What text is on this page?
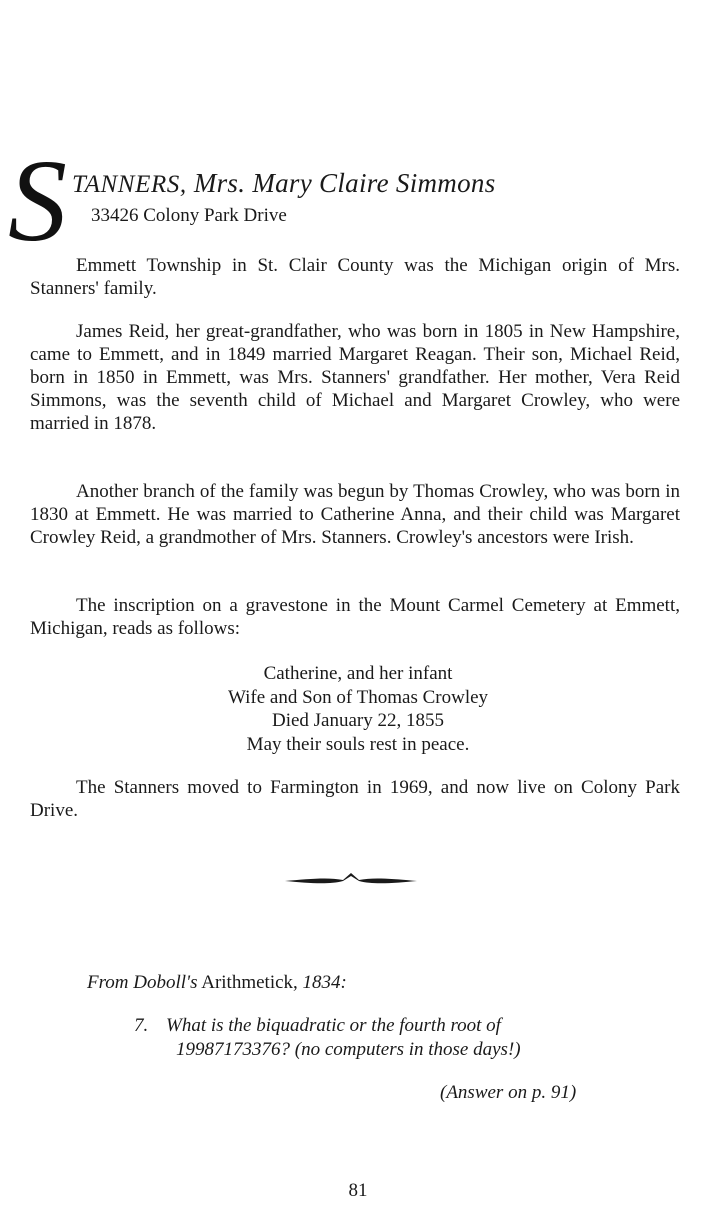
S TANNERS, Mrs. Mary Claire Simmons
33426 Colony Park Drive

Emmett Township in St. Clair County was the Michigan origin of Mrs. Stanners' family.

James Reid, her great-grandfather, who was born in 1805 in New Hampshire, came to Emmett, and in 1849 married Margaret Reagan. Their son, Michael Reid, born in 1850 in Emmett, was Mrs. Stanners' grandfather. Her mother, Vera Reid Simmons, was the seventh child of Michael and Margaret Crowley, who were married in 1878.

Another branch of the family was begun by Thomas Crowley, who was born in 1830 at Emmett. He was married to Catherine Anna, and their child was Margaret Crowley Reid, a grandmother of Mrs. Stanners. Crowley's ancestors were Irish.

The inscription on a gravestone in the Mount Carmel Cemetery at Emmett, Michigan, reads as follows:

Catherine, and her infant
Wife and Son of Thomas Crowley
Died January 22, 1855
May their souls rest in peace.

The Stanners moved to Farmington in 1969, and now live on Colony Park Drive.

From Doboll's Arithmetick, 1834:
7. What is the biquadratic or the fourth root of
19987173376? (no computers in those days!)
(Answer on p. 91)
81
